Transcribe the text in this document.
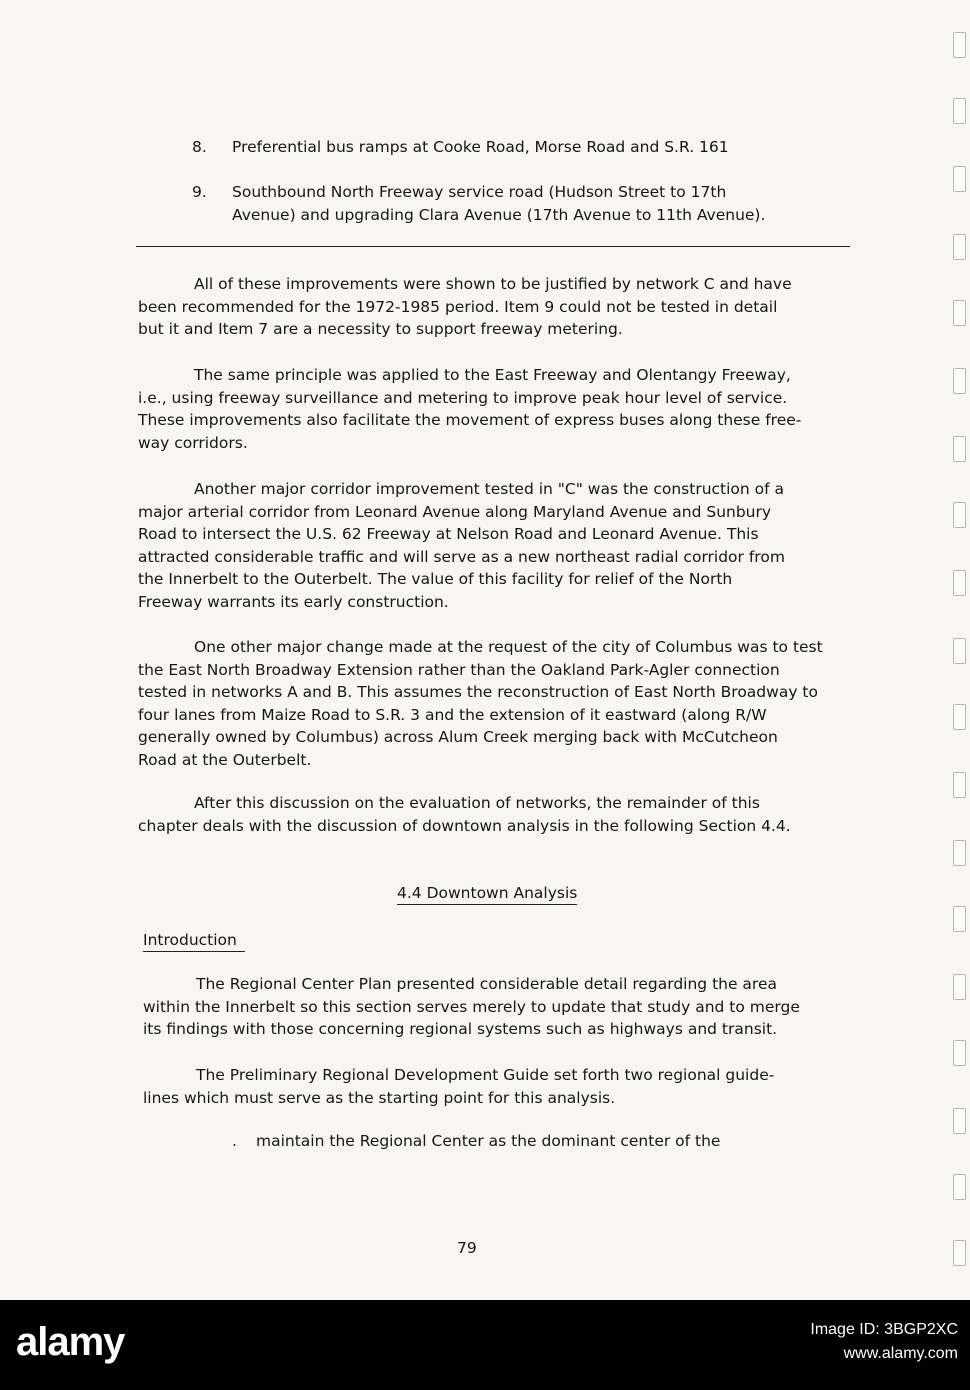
8. Preferential bus ramps at Cooke Road, Morse Road and S.R. 161
9. Southbound North Freeway service road (Hudson Street to 17th
Avenue) and upgrading Clara Avenue (17th Avenue to 11th Avenue).
All of these improvements were shown to be justified by network C and have
been recommended for the 1972-1985 period. Item 9 could not be tested in detail
but it and Item 7 are a necessity to support freeway metering.
The same principle was applied to the East Freeway and Olentangy Freeway,
i.e., using freeway surveillance and metering to improve peak hour level of service.
These improvements also facilitate the movement of express buses along these free-
way corridors.
Another major corridor improvement tested in "C" was the construction of a
major arterial corridor from Leonard Avenue along Maryland Avenue and Sunbury
Road to intersect the U.S. 62 Freeway at Nelson Road and Leonard Avenue. This
attracted considerable traffic and will serve as a new northeast radial corridor from
the Innerbelt to the Outerbelt. The value of this facility for relief of the North
Freeway warrants its early construction.
One other major change made at the request of the city of Columbus was to test
the East North Broadway Extension rather than the Oakland Park-Agler connection
tested in networks A and B. This assumes the reconstruction of East North Broadway to
four lanes from Maize Road to S.R. 3 and the extension of it eastward (along R/W
generally owned by Columbus) across Alum Creek merging back with McCutcheon
Road at the Outerbelt.
After this discussion on the evaluation of networks, the remainder of this
chapter deals with the discussion of downtown analysis in the following Section 4.4.
4.4 Downtown Analysis
Introduction
The Regional Center Plan presented considerable detail regarding the area
within the Innerbelt so this section serves merely to update that study and to merge
its findings with those concerning regional systems such as highways and transit.
The Preliminary Regional Development Guide set forth two regional guide-
lines which must serve as the starting point for this analysis.
. maintain the Regional Center as the dominant center of the
79
alamy	Image ID: 3BGP2XC
www.alamy.com
